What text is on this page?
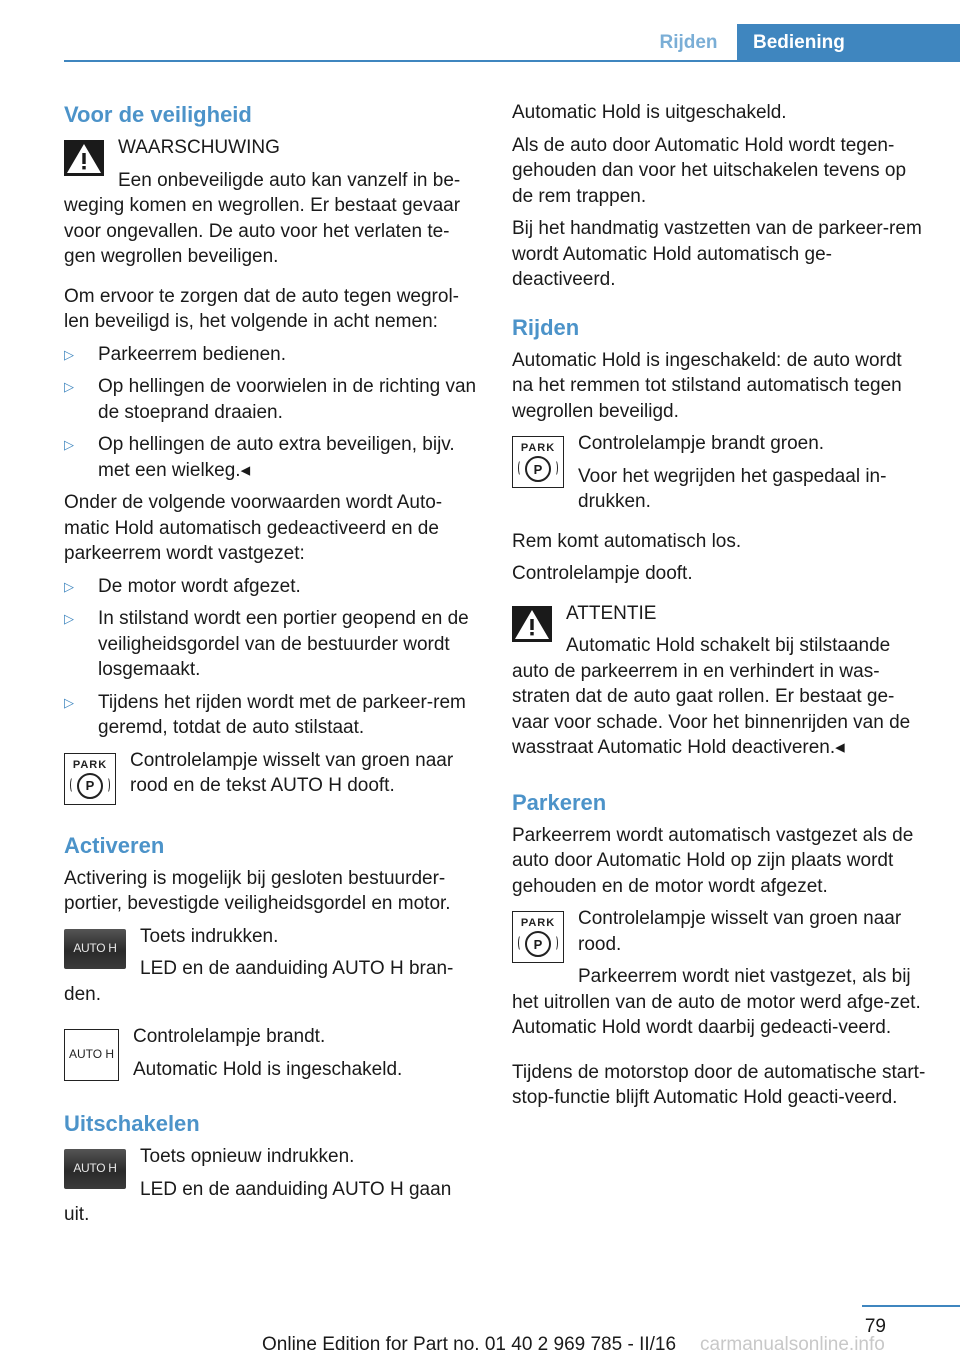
Rijden	Bediening
Voor de veiligheid

WAARSCHUWING

Een onbeveiligde auto kan vanzelf in be-weging komen en wegrollen. Er bestaat gevaar voor ongevallen. De auto voor het verlaten te-gen wegrollen beveiligen.

Om ervoor te zorgen dat de auto tegen wegrol-len beveiligd is, het volgende in acht nemen:

▷ Parkeerrem bedienen.
▷ Op hellingen de voorwielen in de richting van de stoeprand draaien.
▷ Op hellingen de auto extra beveiligen, bijv. met een wielkeg.◂

Onder de volgende voorwaarden wordt Auto-matic Hold automatisch gedeactiveerd en de parkeerrem wordt vastgezet:

▷ De motor wordt afgezet.
▷ In stilstand wordt een portier geopend en de veiligheidsgordel van de bestuurder wordt losgemaakt.
▷ Tijdens het rijden wordt met de parkeer-rem geremd, totdat de auto stilstaat.
PARK
P

Controlelampje wisselt van groen naar rood en de tekst AUTO H dooft.

Activeren

Activering is mogelijk bij gesloten bestuurder-portier, bevestigde veiligheidsgordel en motor.

AUTO H

Toets indrukken.

LED en de aanduiding AUTO H bran-den.

AUTO H

Controlelampje brandt.

Automatic Hold is ingeschakeld.

Uitschakelen
AUTO H

Toets opnieuw indrukken.

LED en de aanduiding AUTO H gaan uit.

Automatic Hold is uitgeschakeld.

Als de auto door Automatic Hold wordt tegen-gehouden dan voor het uitschakelen tevens op de rem trappen.

Bij het handmatig vastzetten van de parkeer-rem wordt Automatic Hold automatisch ge-deactiveerd.

Rijden

Automatic Hold is ingeschakeld: de auto wordt na het remmen tot stilstand automatisch tegen wegrollen beveiligd.

PARK
P

Controlelampje brandt groen.

Voor het wegrijden het gaspedaal in-drukken.

Rem komt automatisch los.

Controlelampje dooft.

ATTENTIE

Automatic Hold schakelt bij stilstaande auto de parkeerrem in en verhindert in was-straten dat de auto gaat rollen. Er bestaat ge-vaar voor schade. Voor het binnenrijden van de wasstraat Automatic Hold deactiveren.◂

Parkeren

Parkeerrem wordt automatisch vastgezet als de auto door Automatic Hold op zijn plaats wordt gehouden en de motor wordt afgezet.

PARK
P

Controlelampje wisselt van groen naar rood.

Parkeerrem wordt niet vastgezet, als bij het uitrollen van de auto de motor werd afge-zet. Automatic Hold wordt daarbij gedeacti-veerd.

Tijdens de motorstop door de automatische start-stop-functie blijft Automatic Hold geacti-veerd.

79
Online Edition for Part no. 01 40 2 969 785 - II/16 carmanualsonline.info
